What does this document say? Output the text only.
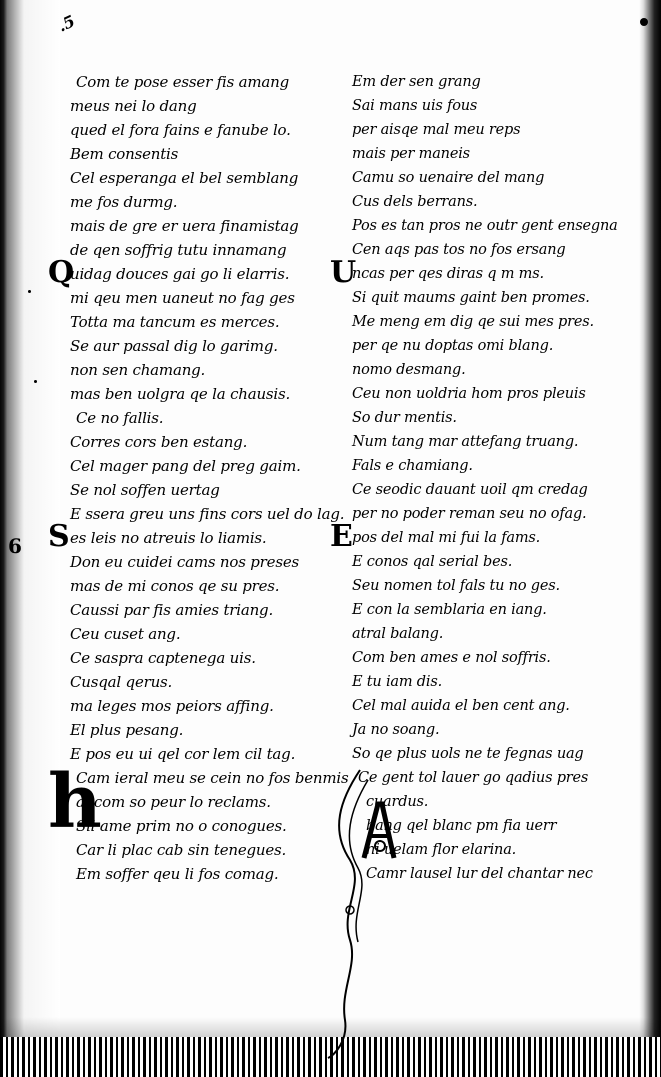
.5
6
Com te pose esser fis amang
meus nei lo dang
qued el fora fains e fanube lo.
Bem consentis
Cel esperanga el bel semblang
me fos durmg.
mais de gre er uera finamistag
de qen soffrig tutu innamang
Quidag douces gai go li elarris.
mi qeu men uaneut no fag ges
Totta ma tancum es merces.
Se aur passal dig lo garimg.
non sen chamang.
mas ben uolgra qe la chausis.
Ce no fallis.
Corres cors ben estang.
Cel mager pang del preg gaim.
Se nol soffen uertag
E ssera greu uns fins cors uel do lag.
Ses leis no atreuis lo liamis.
Don eu cuidei cams nos preses
mas de mi conos qe su pres.
Caussi par fis amies triang.
Ceu cuset ang.
Ce saspra captenega uis.
Cusqal qerus.
ma leges mos peiors affing.
El plus pesang.
E pos eu ui qel cor lem cil tag.
Cam ieral meu se cein no fos benmis
ai com so peur lo reclams.
Sil ame prim no o conogues.
Car li plac cab sin tenegues.
Em soffer qeu li fos comag.
Em der sen grang
Sai mans uis fous
per aisqe mal meu reps
mais per maneis
Camu so uenaire del mang
Cus dels berrans.
Pos es tan pros ne outr gent ensegna
Cen aqs pas tos no fos ersang
Uncas per qes diras q m ms.
Si quit maums gaint ben promes.
Me meng em dig qe sui mes pres.
per qe nu doptas omi blang.
nomo desmang.
Ceu non uoldria hom pros pleuis
So dur mentis.
Num tang mar attefang truang.
Fals e chamiang.
Ce seodic dauant uoil qm credag
per no poder reman seu no ofag.
Epos del mal mi fui la fams.
E conos qal serial bes.
Seu nomen tol fals tu no ges.
E con la semblaria en iang.
atral balang.
Com ben ames e nol soffris.
E tu iam dis.
Cel mal auida el ben cent ang.
Ja no soang.
So qe plus uols ne te fegnas uag
Ce gent tol lauer go qadius pres
cuardus.
bang qel blanc pm fia uerr
ni uelam flor elarina.
Camr lausel lur del chantar nec
h
